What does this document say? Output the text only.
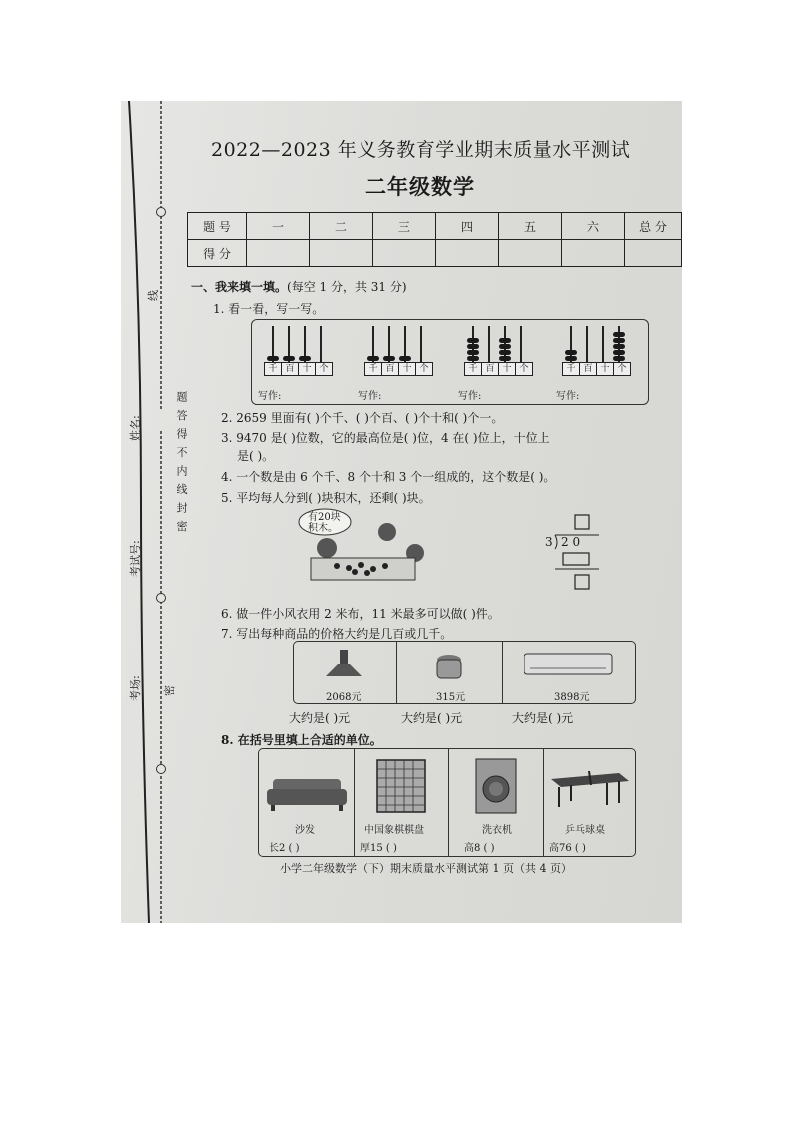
线
题 答 得 不 内 线 封 密
密
考试号:
考场:
姓名:
2022—2023 年义务教育学业期末质量水平测试
二年级数学
题 号	一	二	三	四	五	六	总 分
得 分							
一、我来填一填。(每空 1 分，共 31 分)
1. 看一看，写一写。
千 百 十 个
写作:
千 百 十 个
写作:
千 百 十 个
写作:
千 百 十 个
写作:
2. 2659 里面有( )个千、( )个百、( )个十和( )个一。
3. 9470 是( )位数，它的最高位是( )位，4 在( )位上，十位上
是( )。
4. 一个数是由 6 个千、8 个十和 3 个一组成的，这个数是( )。
5. 平均每人分到( )块积木，还剩( )块。
有20块积木。
3 2 0
6. 做一件小风衣用 2 米布，11 米最多可以做( )件。
7. 写出每种商品的价格大约是几百或几千。
2068元	315元	3898元
大约是( )元	大约是( )元	大约是( )元
8. 在括号里填上合适的单位。
沙发
长2 ( )
中国象棋棋盘
厚15 ( )
洗衣机
高8 ( )
乒乓球桌
高76 ( )
小学二年级数学（下）期末质量水平测试第 1 页（共 4 页）
